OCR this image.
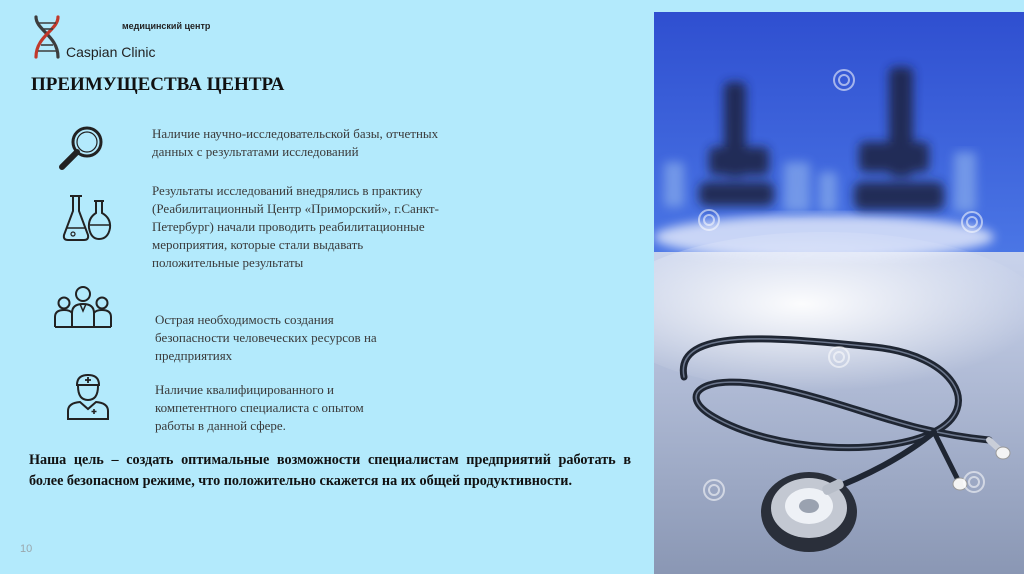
медицинский центр
Caspian Clinic
ПРЕИМУЩЕСТВА ЦЕНТРА
Наличие научно-исследовательской базы, отчетных
данных с результатами исследований
Результаты исследований внедрялись в практику
(Реабилитационный Центр «Приморский», г.Санкт-
Петербург) начали проводить реабилитационные
мероприятия, которые стали выдавать
положительные результаты
Острая необходимость создания
безопасности человеческих ресурсов на
предприятиях
Наличие квалифицированного и
компетентного специалиста с опытом
работы в данной сфере.
Наша цель – создать оптимальные возможности специалистам предприятий работать в более безопасном режиме, что положительно скажется на их общей продуктивности.
10
